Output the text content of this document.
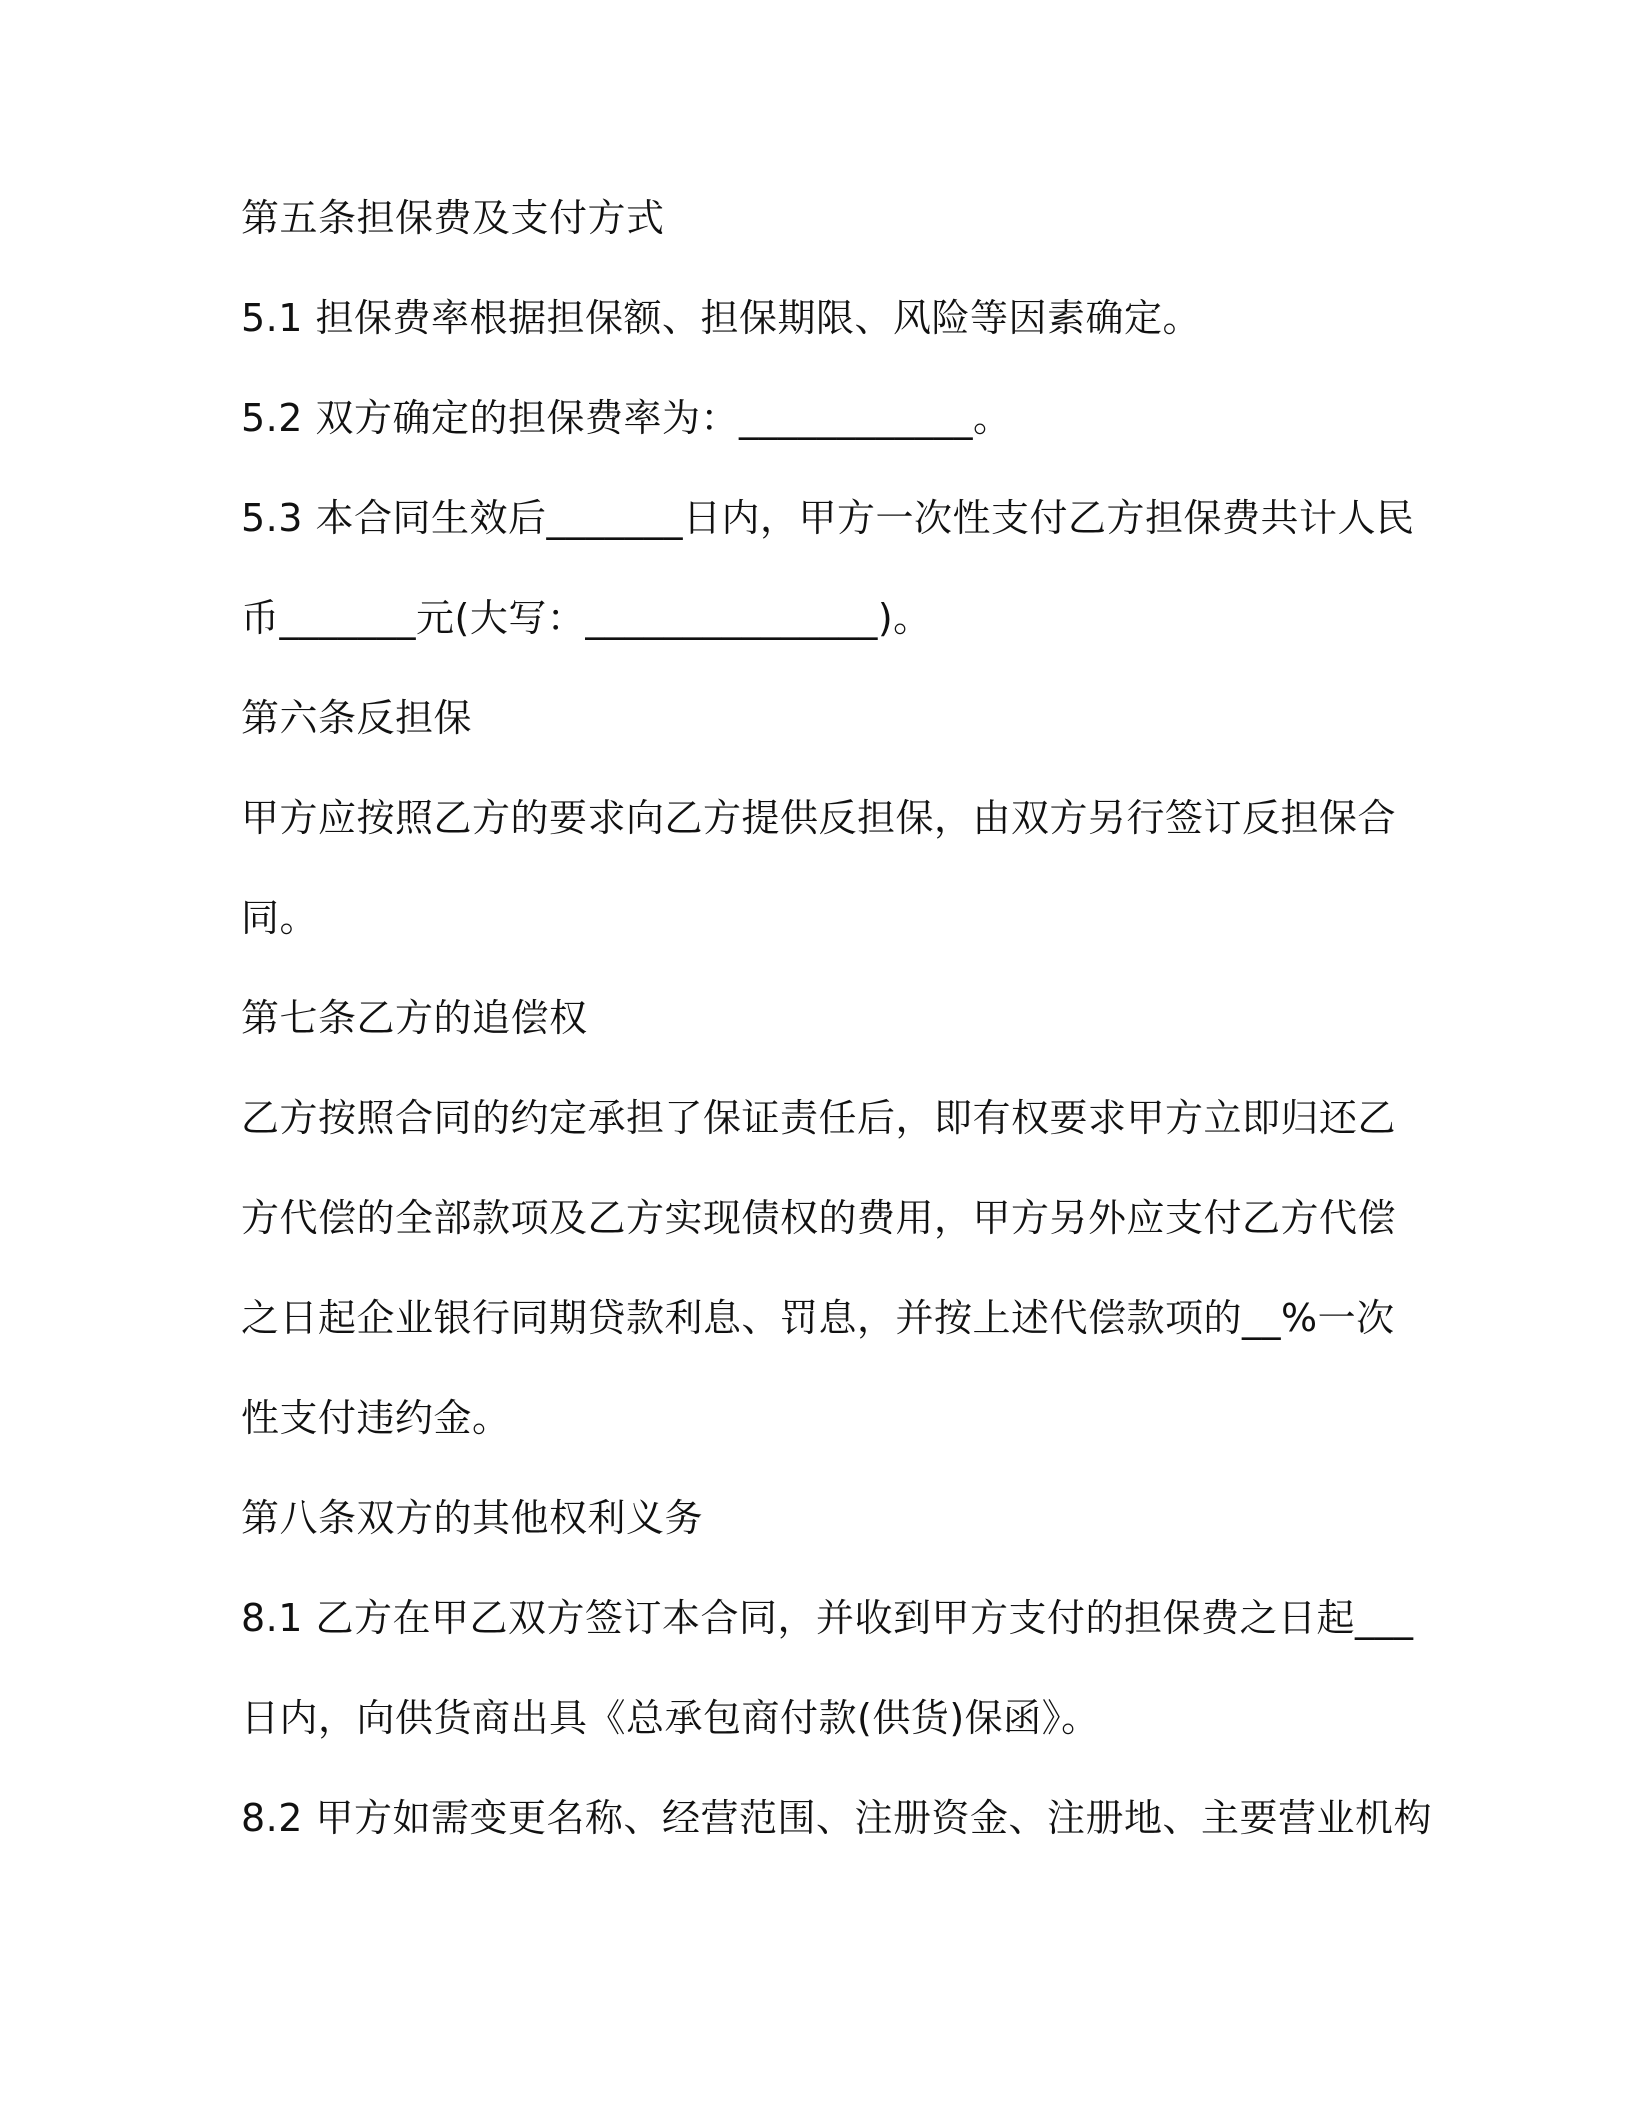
第五条担保费及支付方式
5.1 担保费率根据担保额、担保期限、风险等因素确定。
5.2 双方确定的担保费率为：____________。
5.3 本合同生效后_______日内，甲方一次性支付乙方担保费共计人民
币_______元(大写：_______________)。
第六条反担保
甲方应按照乙方的要求向乙方提供反担保，由双方另行签订反担保合
同。
第七条乙方的追偿权
乙方按照合同的约定承担了保证责任后，即有权要求甲方立即归还乙
方代偿的全部款项及乙方实现债权的费用，甲方另外应支付乙方代偿
之日起企业银行同期贷款利息、罚息，并按上述代偿款项的__%一次
性支付违约金。
第八条双方的其他权利义务
8.1 乙方在甲乙双方签订本合同，并收到甲方支付的担保费之日起___
日内，向供货商出具《总承包商付款(供货)保函》。
8.2 甲方如需变更名称、经营范围、注册资金、注册地、主要营业机构
